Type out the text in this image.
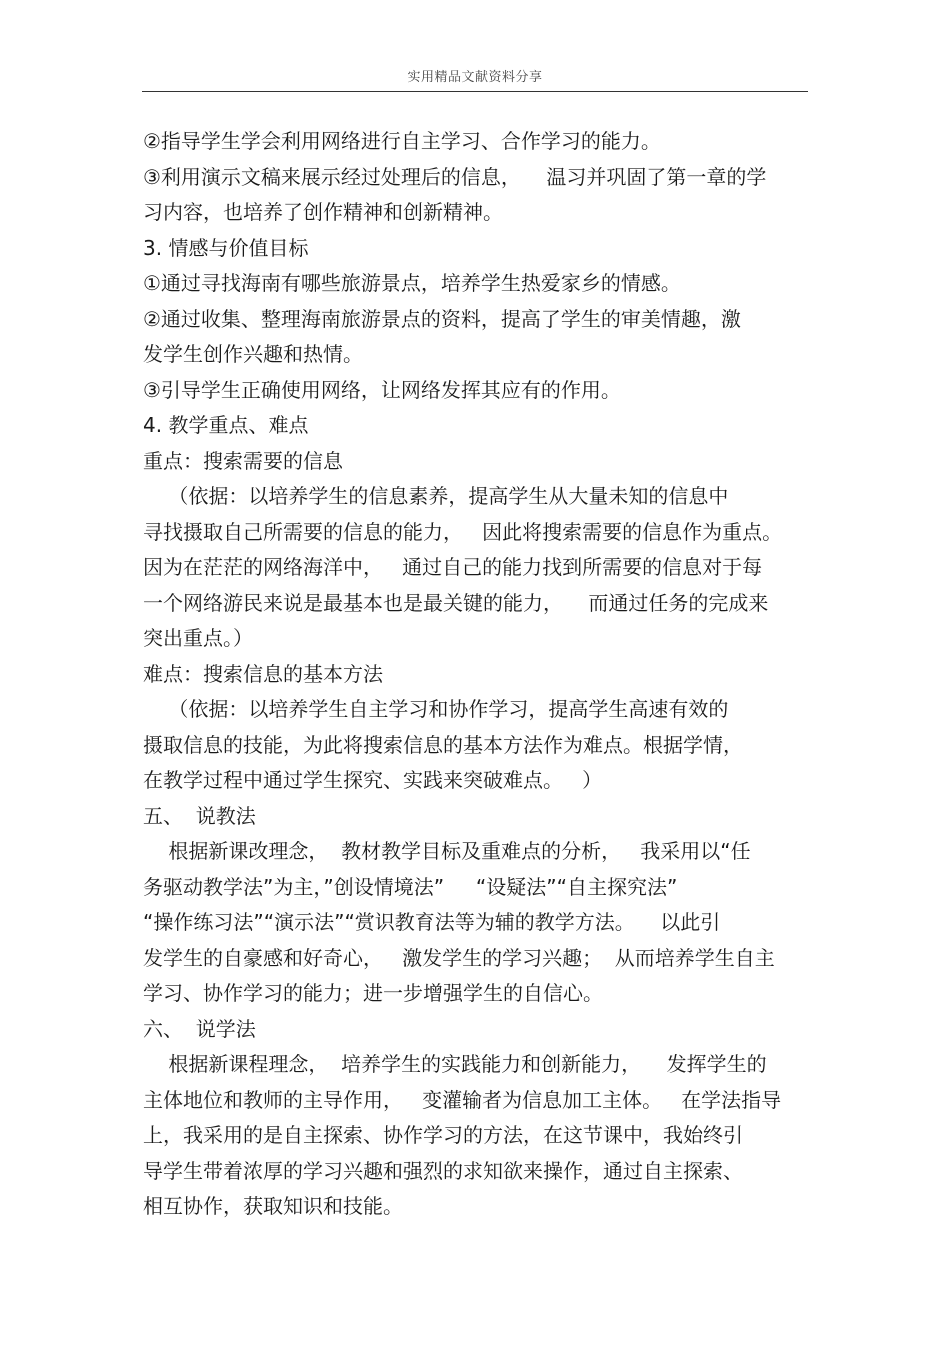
实用精品文献资料分享
②指导学生学会利用网络进行自主学习、合作学习的能力。
③利用演示文稿来展示经过处理后的信息，    温习并巩固了第一章的学
习内容，也培养了创作精神和创新精神。
3. 情感与价值目标
①通过寻找海南有哪些旅游景点，培养学生热爱家乡的情感。
②通过收集、整理海南旅游景点的资料，提高了学生的审美情趣，激
发学生创作兴趣和热情。
③引导学生正确使用网络，让网络发挥其应有的作用。
4. 教学重点、难点
重点：搜索需要的信息
（依据：以培养学生的信息素养，提高学生从大量未知的信息中
寻找摄取自己所需要的信息的能力，   因此将搜索需要的信息作为重点。
因为在茫茫的网络海洋中，   通过自己的能力找到所需要的信息对于每
一个网络游民来说是最基本也是最关键的能力，    而通过任务的完成来
突出重点。）
难点：搜索信息的基本方法
（依据：以培养学生自主学习和协作学习，提高学生高速有效的
摄取信息的技能，为此将搜索信息的基本方法作为难点。根据学情，
在教学过程中通过学生探究、实践来突破难点。   ）
五、  说教法
根据新课改理念，  教材教学目标及重难点的分析，   我采用以“任
务驱动教学法”为主，”创设情境法”     “设疑法”“自主探究法”
“操作练习法”“演示法”“赏识教育法等为辅的教学方法。    以此引
发学生的自豪感和好奇心，   激发学生的学习兴趣；  从而培养学生自主
学习、协作学习的能力；进一步增强学生的自信心。
六、  说学法
根据新课程理念，  培养学生的实践能力和创新能力，    发挥学生的
主体地位和教师的主导作用，   变灌输者为信息加工主体。   在学法指导
上，我采用的是自主探索、协作学习的方法，在这节课中，我始终引
导学生带着浓厚的学习兴趣和强烈的求知欲来操作，通过自主探索、
相互协作，获取知识和技能。
